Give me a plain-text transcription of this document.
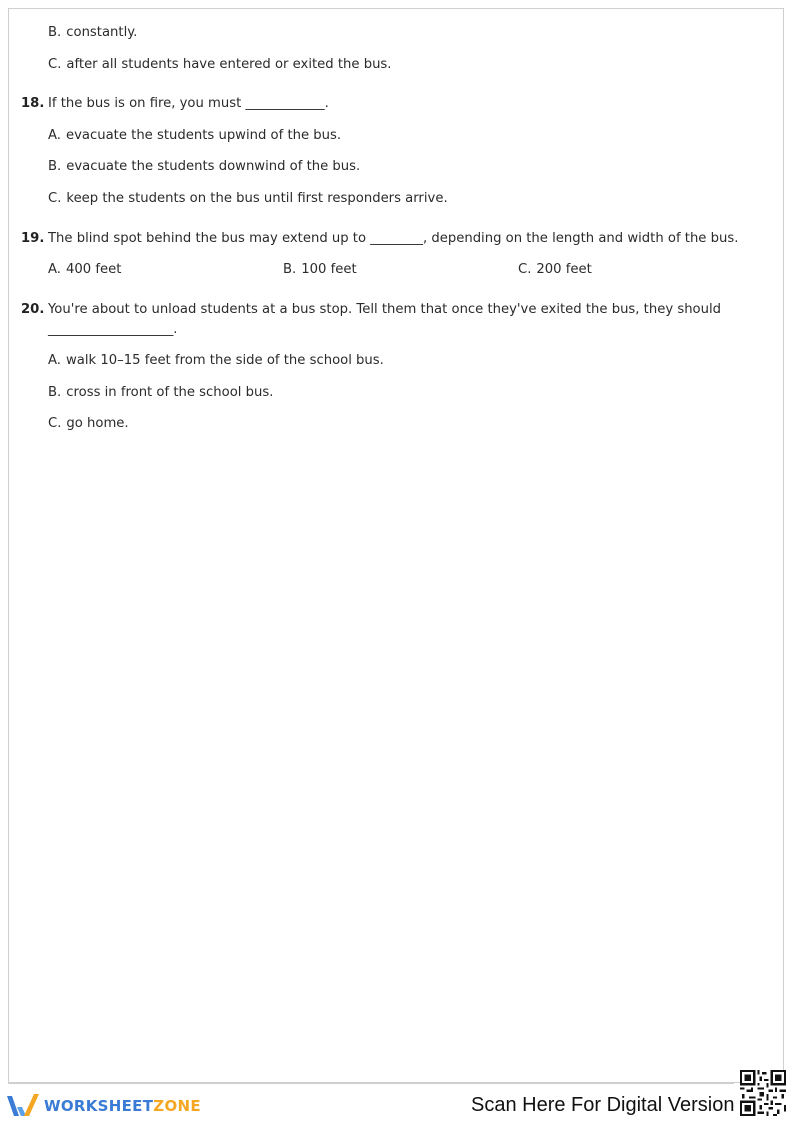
B. constantly.
C. after all students have entered or exited the bus.
18. If the bus is on fire, you must ____________.
A. evacuate the students upwind of the bus.
B. evacuate the students downwind of the bus.
C. keep the students on the bus until first responders arrive.
19. The blind spot behind the bus may extend up to ________, depending on the length and width of the bus.
A. 400 feet	B. 100 feet	C. 200 feet
20. You're about to unload students at a bus stop. Tell them that once they've exited the bus, they should
___________________.
A. walk 10–15 feet from the side of the school bus.
B. cross in front of the school bus.
C. go home.
WORKSHEETZONE	Scan Here For Digital Version
